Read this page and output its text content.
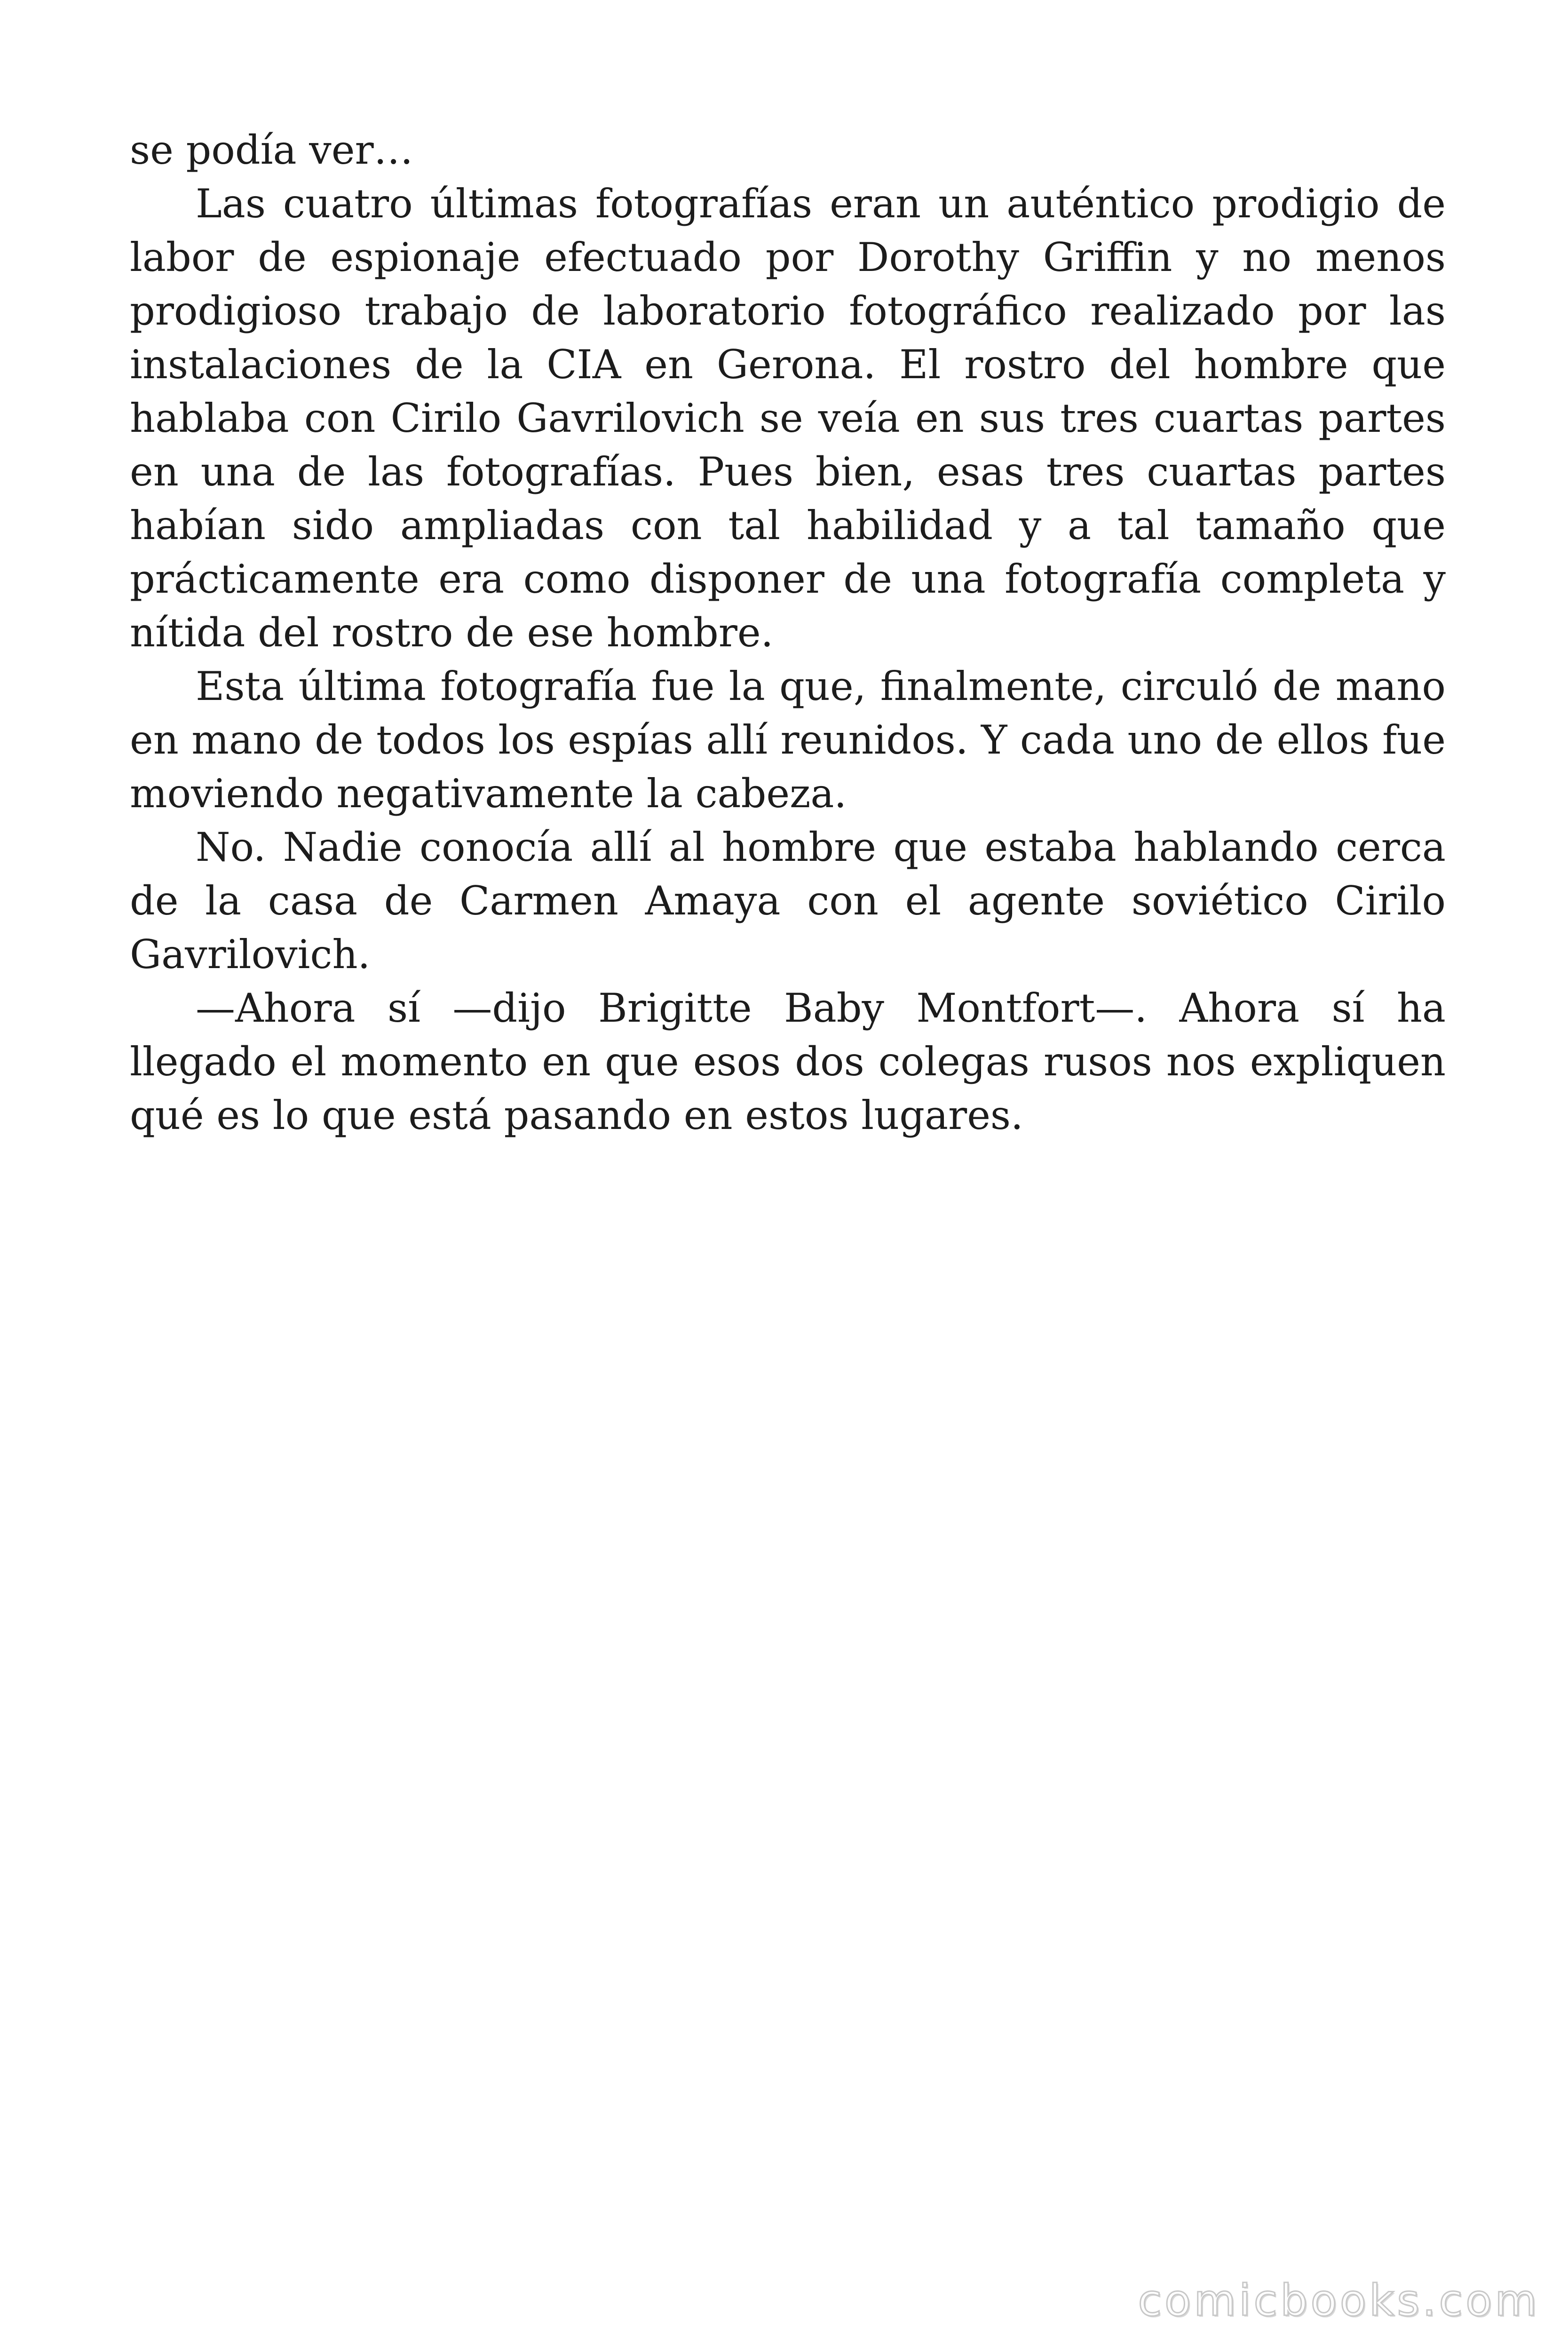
se podía ver…

Las cuatro últimas fotografías eran un auténtico prodigio de labor de espionaje efectuado por Dorothy Griffin y no menos prodigioso trabajo de laboratorio fotográfico realizado por las instalaciones de la CIA en Gerona. El rostro del hombre que hablaba con Cirilo Gavrilovich se veía en sus tres cuartas partes en una de las fotografías. Pues bien, esas tres cuartas partes habían sido ampliadas con tal habilidad y a tal tamaño que prácticamente era como disponer de una fotografía completa y nítida del rostro de ese hombre.

Esta última fotografía fue la que, finalmente, circuló de mano en mano de todos los espías allí reunidos. Y cada uno de ellos fue moviendo negativamente la cabeza.

No. Nadie conocía allí al hombre que estaba hablando cerca de la casa de Carmen Amaya con el agente soviético Cirilo Gavrilovich.

—Ahora sí —dijo Brigitte Baby Montfort—. Ahora sí ha llegado el momento en que esos dos colegas rusos nos expliquen qué es lo que está pasando en estos lugares.

comicbooks.com
